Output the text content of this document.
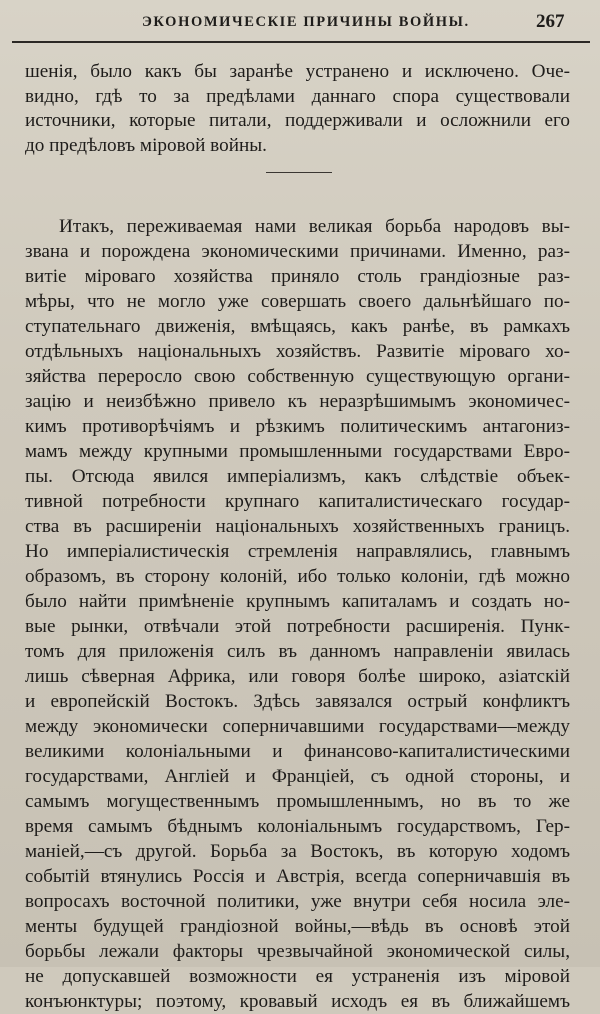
ЭКОНОМИЧЕСКІЕ ПРИЧИНЫ ВОЙНЫ.	267
шенія, было какъ бы заранѣе устранено и исключено. Оче-
видно, гдѣ то за предѣлами даннаго спора существовали
источники, которые питали, поддерживали и осложнили его
до предѣловъ міровой войны.
Итакъ, переживаемая нами великая борьба народовъ вы-
звана и порождена экономическими причинами. Именно, раз-
витіе міроваго хозяйства приняло столь грандіозные раз-
мѣры, что не могло уже совершать своего дальнѣйшаго по-
ступательнаго движенія, вмѣщаясь, какъ ранѣе, въ рамкахъ
отдѣльныхъ національныхъ хозяйствъ. Развитіе міроваго хо-
зяйства переросло свою собственную существующую органи-
зацію и неизбѣжно привело къ неразрѣшимымъ экономичес-
кимъ противорѣчіямъ и рѣзкимъ политическимъ антагониз-
мамъ между крупными промышленными государствами Евро-
пы. Отсюда явился имперіализмъ, какъ слѣдствіе объек-
тивной потребности крупнаго капиталистическаго государ-
ства въ расширеніи національныхъ хозяйственныхъ границъ.
Но имперіалистическія стремленія направлялись, главнымъ
образомъ, въ сторону колоній, ибо только колоніи, гдѣ можно
было найти примѣненіе крупнымъ капиталамъ и создать но-
вые рынки, отвѣчали этой потребности расширенія. Пунк-
томъ для приложенія силъ въ данномъ направленіи явилась
лишь сѣверная Африка, или говоря болѣе широко, азіатскій
и европейскій Востокъ. Здѣсь завязался острый конфликтъ
между экономически соперничавшими государствами—между
великими колоніальными и финансово-капиталистическими
государствами, Англіей и Франціей, съ одной стороны, и
самымъ могущественнымъ промышленнымъ, но въ то же
время самымъ бѣднымъ колоніальнымъ государствомъ, Гер-
маніей,—съ другой. Борьба за Востокъ, въ которую ходомъ
событій втянулись Россія и Австрія, всегда соперничавшія въ
вопросахъ восточной политики, уже внутри себя носила эле-
менты будущей грандіозной войны,—вѣдь въ основѣ этой
борьбы лежали факторы чрезвычайной экономической силы,
не допускавшей возможности ея устраненія изъ міровой
конъюнктуры; поэтому, кровавый исходъ ея въ ближайшемъ
